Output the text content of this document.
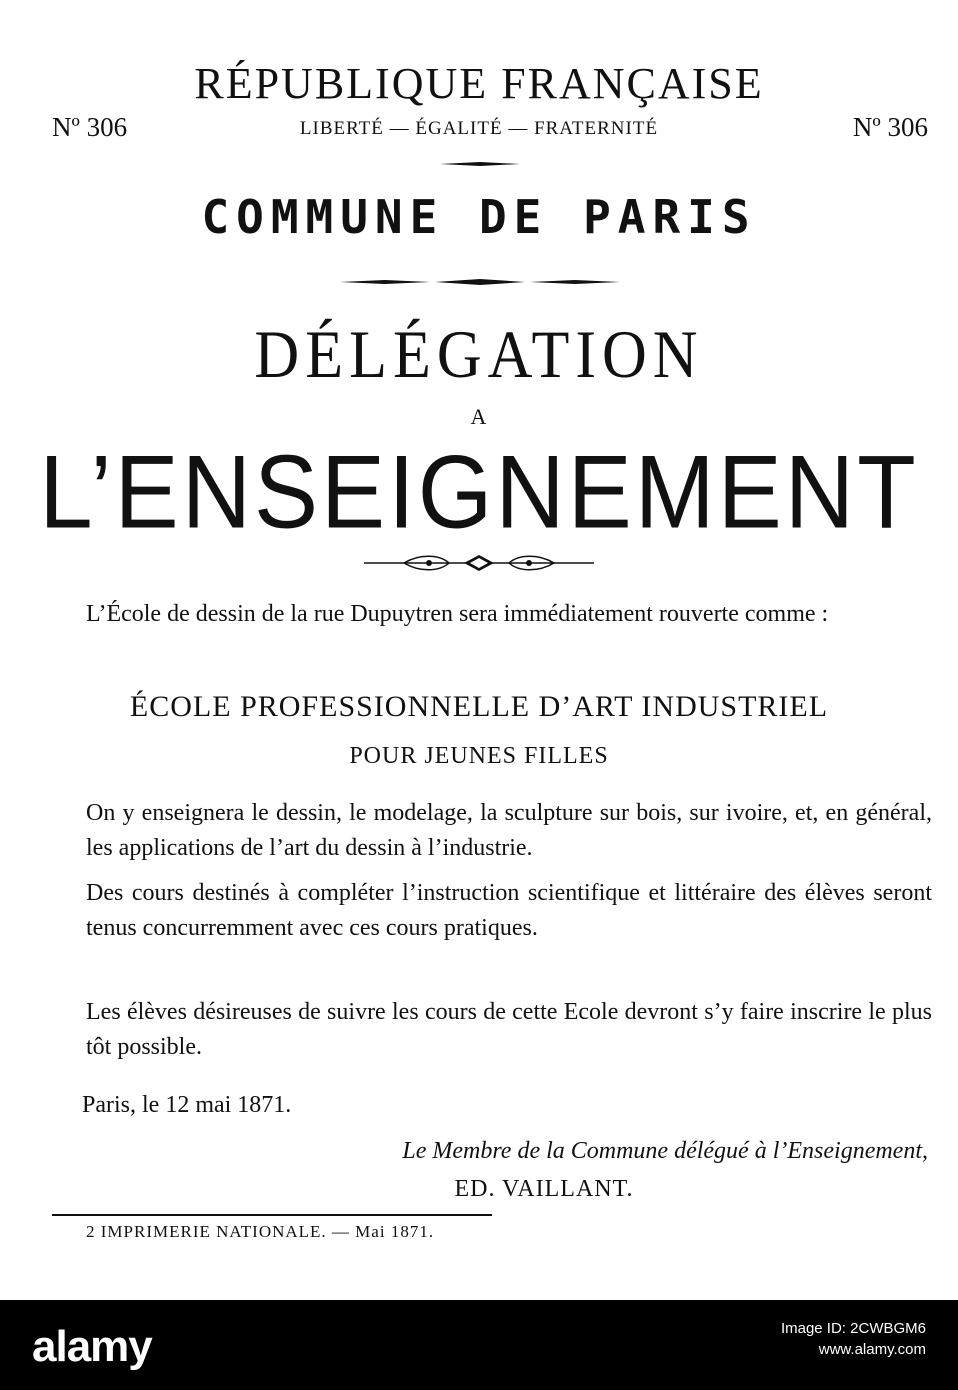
RÉPUBLIQUE FRANÇAISE
Nº 306	Nº 306
LIBERTÉ — ÉGALITÉ — FRATERNITÉ
COMMUNE DE PARIS
DÉLÉGATION
A
L’ENSEIGNEMENT
L’École de dessin de la rue Dupuytren sera immédiatement rouverte comme :
ÉCOLE PROFESSIONNELLE D’ART INDUSTRIEL
POUR JEUNES FILLES
On y enseignera le dessin, le modelage, la sculpture sur bois, sur ivoire, et, en général, les applications de l’art du dessin à l’industrie.
Des cours destinés à compléter l’instruction scientifique et littéraire des élèves seront tenus concurremment avec ces cours pratiques.
Les élèves désireuses de suivre les cours de cette Ecole devront s’y faire inscrire le plus tôt possible.
Paris, le 12 mai 1871.
Le Membre de la Commune délégué à l’Enseignement,
ED. VAILLANT.
2 IMPRIMERIE NATIONALE. — Mai 1871.
alamy	Image ID: 2CWBGM6
www.alamy.com
